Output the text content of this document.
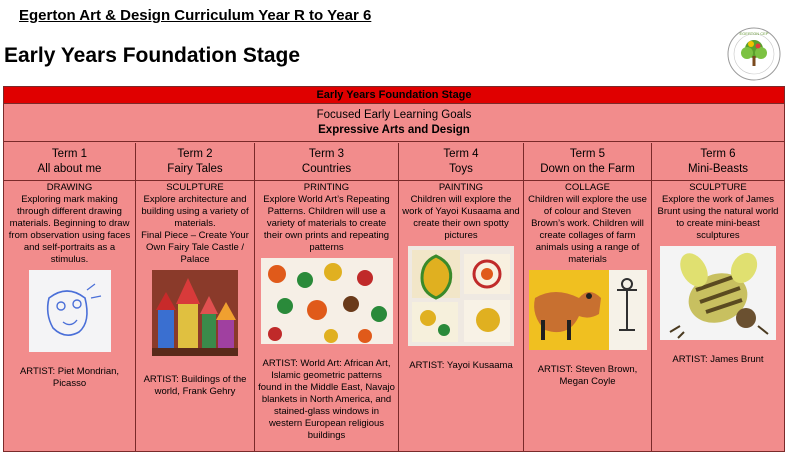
Egerton Art & Design Curriculum Year R to Year 6
Early Years Foundation Stage
EGERTON CEP
Early Years Foundation Stage
Focused Early Learning Goals
Expressive Arts and Design
Term 1
All about me
DRAWING
Exploring mark making through different drawing materials. Beginning to draw from observation using faces and self-portraits as a stimulus.
ARTIST: Piet Mondrian, Picasso
Term 2
Fairy Tales
SCULPTURE
Explore architecture and building using a variety of materials.
Final Piece – Create Your Own Fairy Tale Castle / Palace
ARTIST: Buildings of the world, Frank Gehry
Term 3
Countries
PRINTING
Explore World Art’s Repeating Patterns. Children will use a variety of materials to create their own prints and repeating patterns
ARTIST: World Art: African Art, Islamic geometric patterns found in the Middle East, Navajo blankets in North America, and stained-glass windows in western European religious buildings
Term 4
Toys
PAINTING
Children will explore the work of Yayoi Kusaama and create their own spotty pictures
ARTIST: Yayoi Kusaama
Term 5
Down on the Farm
COLLAGE
Children will explore the use of colour and Steven Brown’s work. Children will create collages of farm animals using a range of materials
ARTIST: Steven Brown, Megan Coyle
Term 6
Mini-Beasts
SCULPTURE
Explore the work of James Brunt using the natural world to create mini-beast sculptures
ARTIST: James Brunt
